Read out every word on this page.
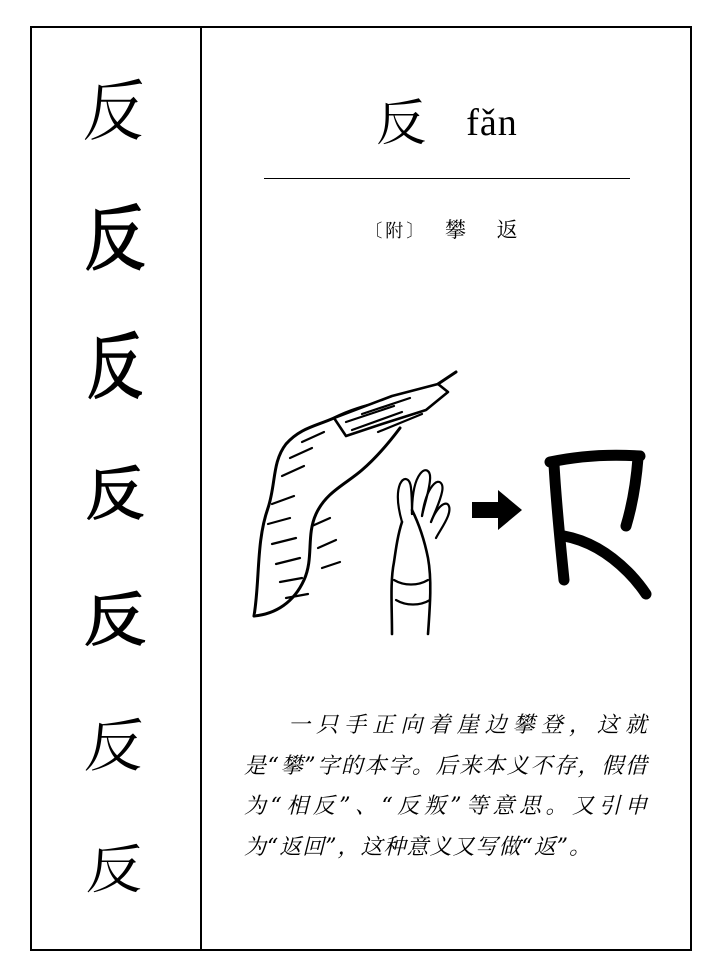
反
反
反
反
反
反
反
反 fǎn
〔附〕 攀 返
一只手正向着崖边攀登，这就是“攀”字的本字。后来本义不存，假借为“相反”、“反叛”等意思。又引申为“返回”，这种意义又写做“返”。
